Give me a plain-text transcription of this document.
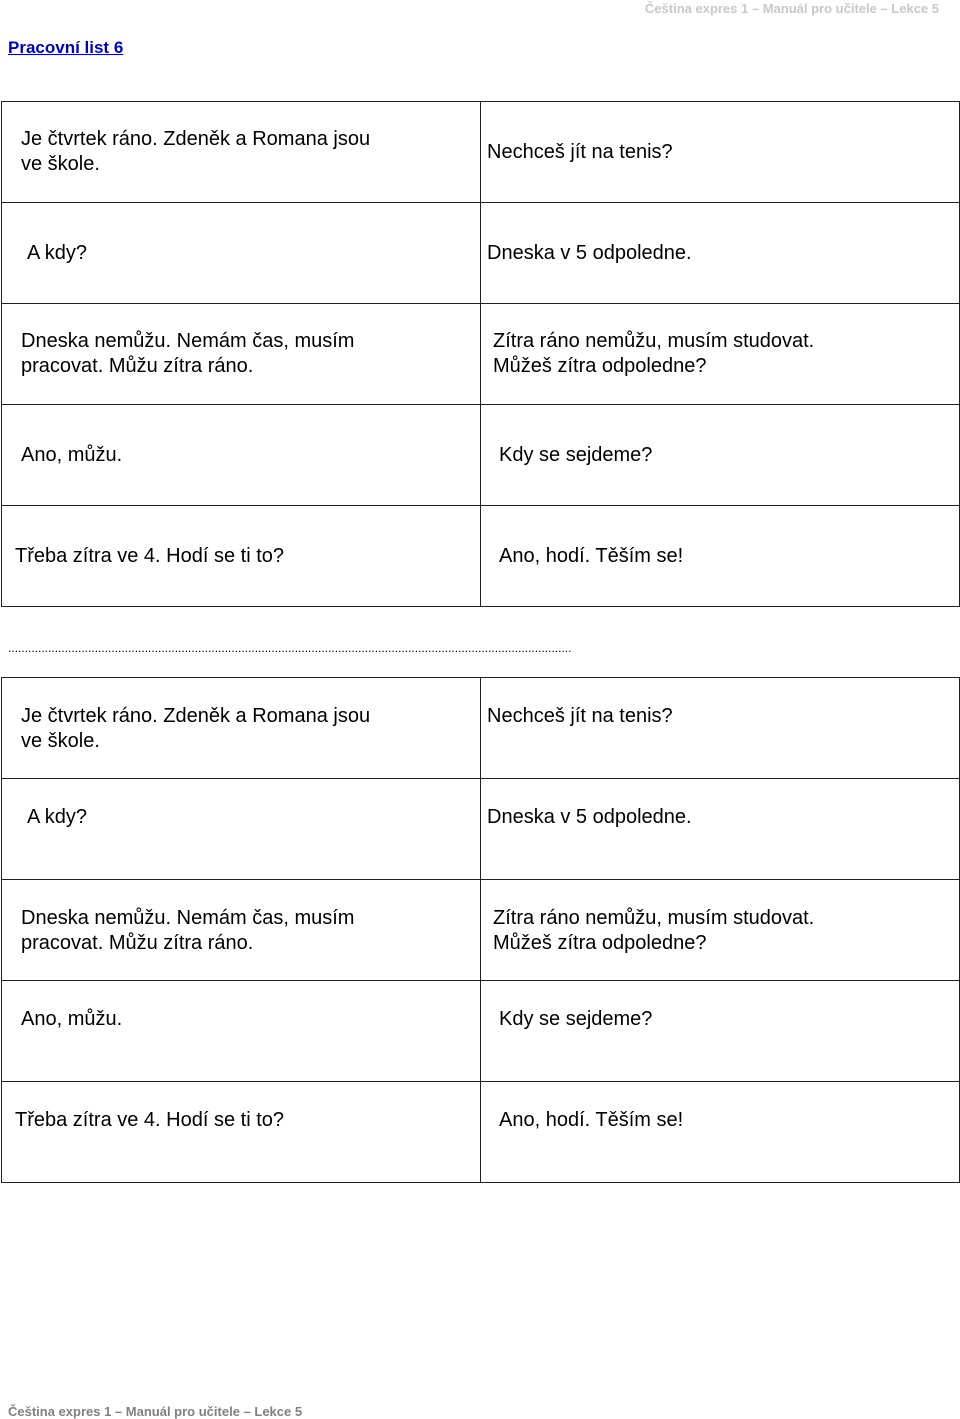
Čeština expres 1 – Manuál pro učitele – Lekce 5
Pracovní list 6
Je čtvrtek ráno. Zdeněk a Romana jsou
ve škole.	Nechceš jít na tenis?

A kdy?	Dneska v 5 odpoledne.

Dneska nemůžu. Nemám čas, musím
pracovat. Můžu zítra ráno.	Zítra ráno nemůžu, musím studovat.
Můžeš zítra odpoledne?

Ano, můžu.	Kdy se sejdeme?

Třeba zítra ve 4. Hodí se ti to?	Ano, hodí. Těším se!
.........................................................................................................................................................................
Je čtvrtek ráno. Zdeněk a Romana jsou
ve škole.	Nechceš jít na tenis?

A kdy?	Dneska v 5 odpoledne.

Dneska nemůžu. Nemám čas, musím
pracovat. Můžu zítra ráno.	Zítra ráno nemůžu, musím studovat.
Můžeš zítra odpoledne?

Ano, můžu.	Kdy se sejdeme?

Třeba zítra ve 4. Hodí se ti to?	Ano, hodí. Těším se!
Čeština expres 1 – Manuál pro učitele – Lekce 5
